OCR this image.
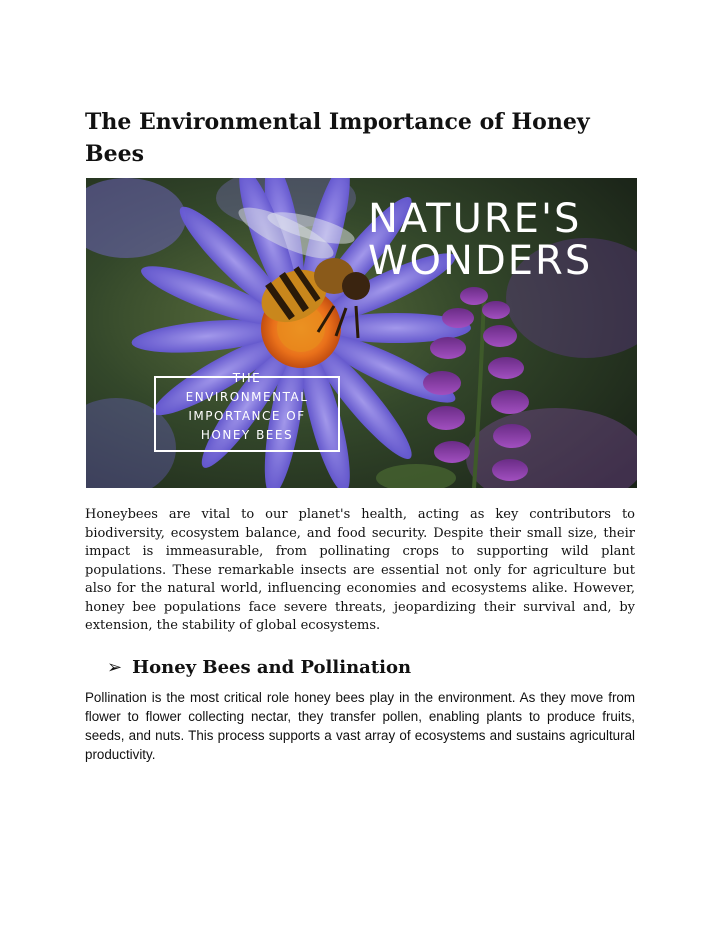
The Environmental Importance of Honey Bees
NATURE'S
WONDERS
THE
ENVIRONMENTAL
IMPORTANCE OF
HONEY BEES

Honeybees are vital to our planet's health, acting as key contributors to biodiversity, ecosystem balance, and food security. Despite their small size, their impact is immeasurable, from pollinating crops to supporting wild plant populations. These remarkable insects are essential not only for agriculture but also for the natural world, influencing economies and ecosystems alike. However, honey bee populations face severe threats, jeopardizing their survival and, by extension, the stability of global ecosystems.

➢ Honey Bees and Pollination

Pollination is the most critical role honey bees play in the environment. As they move from flower to flower collecting nectar, they transfer pollen, enabling plants to produce fruits, seeds, and nuts. This process supports a vast array of ecosystems and sustains agricultural productivity.
